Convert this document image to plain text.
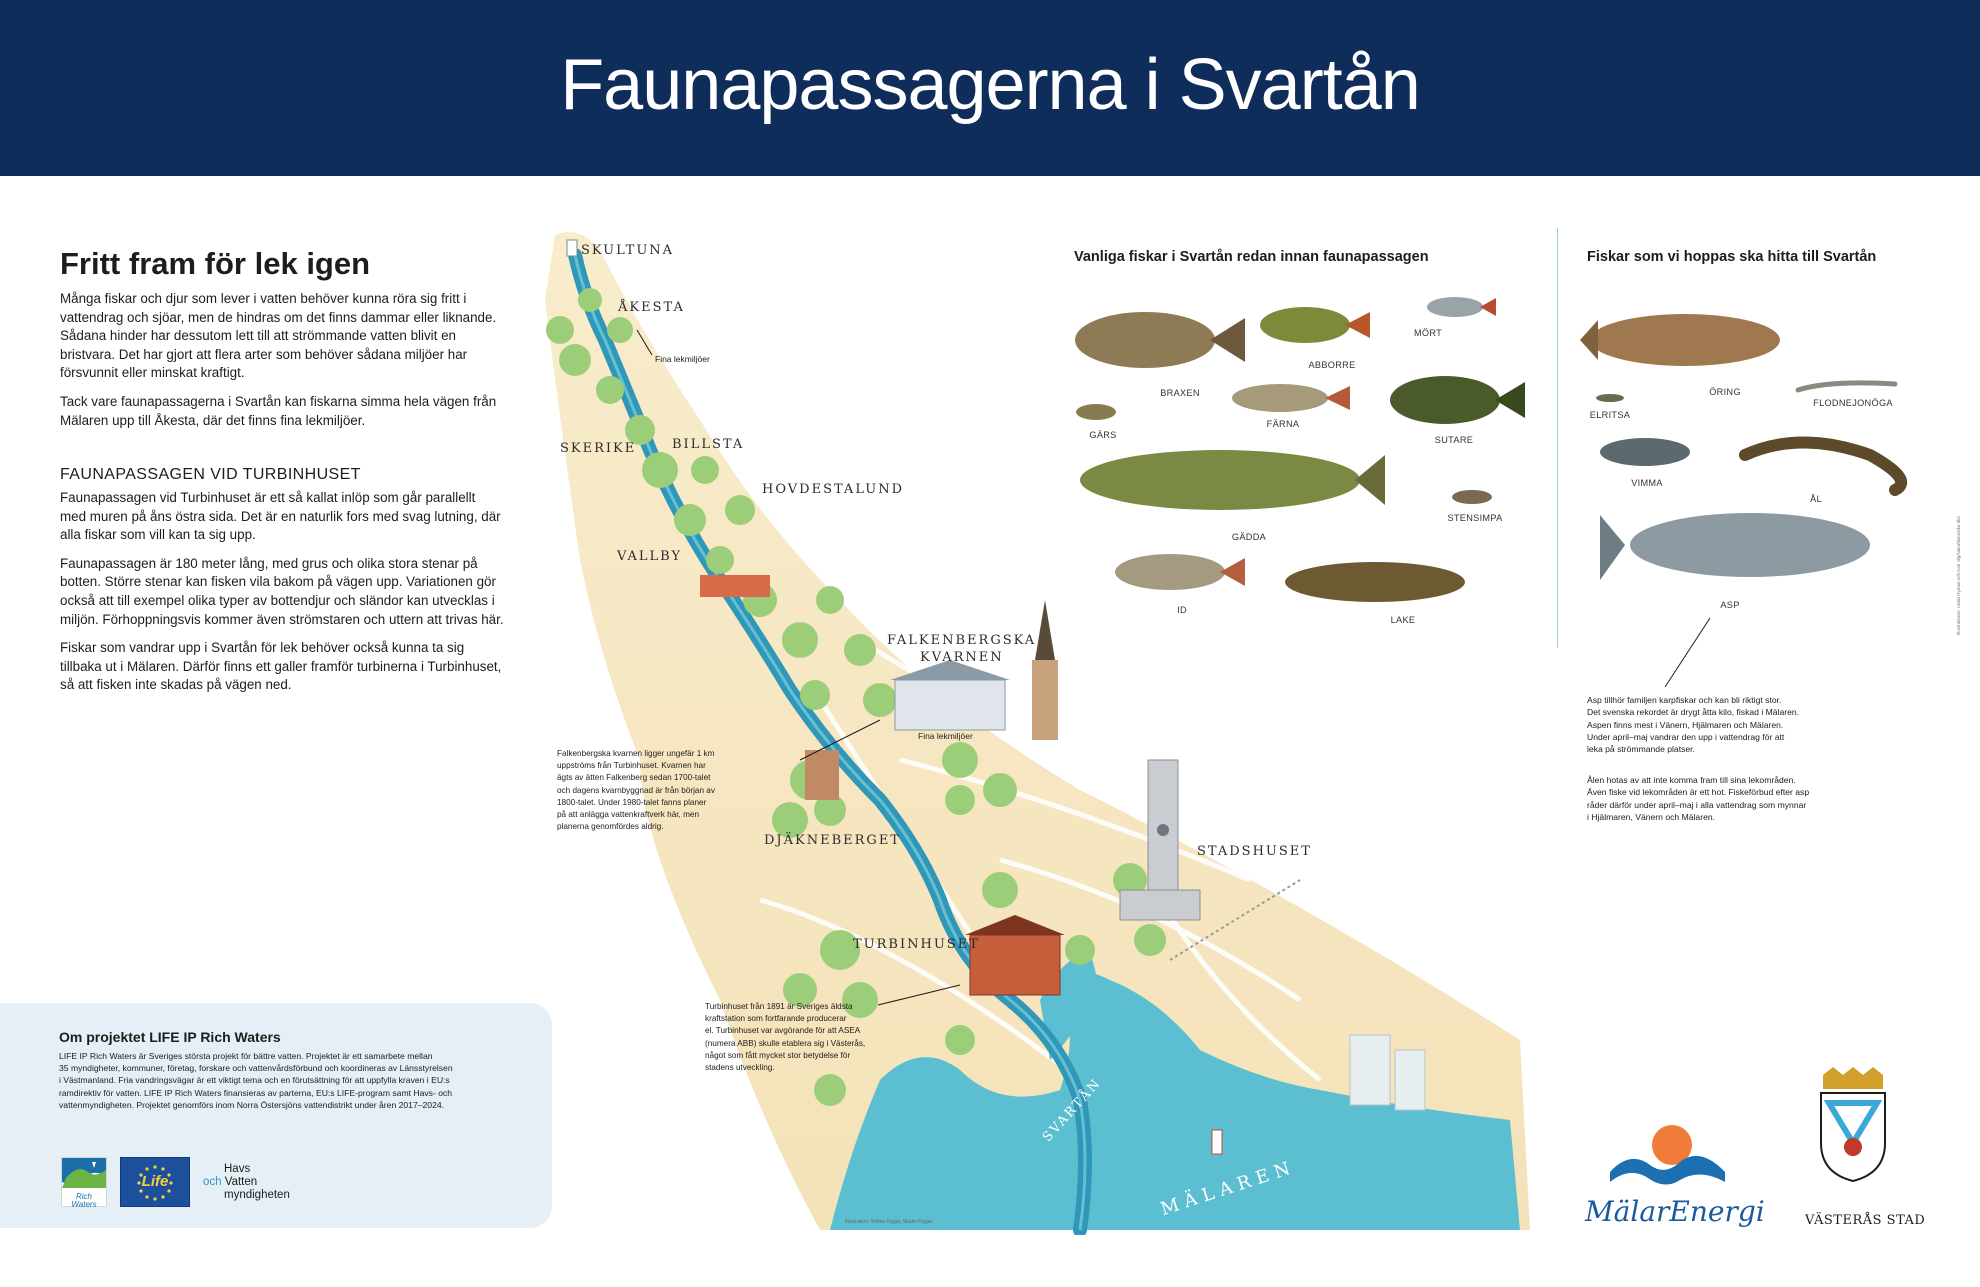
Faunapassagerna i Svartån
Fritt fram för lek igen

Många fiskar och djur som lever i vatten behöver kunna röra sig fritt i vattendrag och sjöar, men de hindras om det finns dammar eller liknande. Sådana hinder har dessutom lett till att strömmande vatten blivit en bristvara. Det har gjort att flera arter som behöver sådana miljöer har försvunnit eller minskat kraftigt.

Tack vare faunapassagerna i Svartån kan fiskarna simma hela vägen från Mälaren upp till Åkesta, där det finns fina lekmiljöer.

FAUNAPASSAGEN VID TURBINHUSET

Faunapassagen vid Turbinhuset är ett så kallat inlöp som går parallellt med muren på åns östra sida. Det är en naturlik fors med svag lutning, där alla fiskar som vill kan ta sig upp.

Faunapassagen är 180 meter lång, med grus och olika stora stenar på botten. Större stenar kan fisken vila bakom på vägen upp. Variationen gör också att till exempel olika typer av bottendjur och sländor kan utvecklas i miljön. Förhoppningsvis kommer även strömstaren och uttern att trivas här.

Fiskar som vandrar upp i Svartån för lek behöver också kunna ta sig tillbaka ut i Mälaren. Därför finns ett galler framför turbinerna i Turbinhuset, så att fisken inte skadas på vägen ned.

Om projektet LIFE IP Rich Waters
LIFE IP Rich Waters är Sveriges största projekt för bättre vatten. Projektet är ett samarbete mellan
35 myndigheter, kommuner, företag, forskare och vattenvårdsförbund och koordineras av Länsstyrelsen
i Västmanland. Fria vandringsvägar är ett viktigt tema och en förutsättning för att uppfylla kraven i EU:s
ramdirektiv för vatten. LIFE IP Rich Waters finansieras av parterna, EU:s LIFE-program samt Havs- och
vattenmyndigheten. Projektet genomförs inom Norra Östersjöns vattendistrikt under åren 2017–2024.
Rich
Waters
Life
Havs
och Vatten
myndigheten
SKULTUNA
ÅKESTA
Fina lekmiljöer
SKERIKE	BILLSTA
HOVDESTALUND
VALLBY
FALKENBERGSKA
KVARNEN
Fina lekmiljöer
DJÄKNEBERGET
STADSHUSET
TURBINHUSET
SVARTÅN
MÄLAREN
Falkenbergska kvarnen ligger ungefär 1 km
uppströms från Turbinhuset. Kvarnen har
ägts av ätten Falkenberg sedan 1700-talet
och dagens kvarnbyggnad är från början av
1800-talet. Under 1980-talet fanns planer
på att anlägga vattenkraftverk här, men
planerna genomfördes aldrig.
Turbinhuset från 1891 är Sveriges äldsta
kraftstation som fortfarande producerar
el. Turbinhuset var avgörande för att ASEA
(numera ABB) skulle etablera sig i Västerås,
något som fått mycket stor betydelse för
stadens utveckling.
Illustration: Tobias Flygar, Studio Flygar
Vanliga fiskar i Svartån redan innan faunapassagen
BRAXEN
ABBORRE
MÖRT
GÄRS
FÄRNA
SUTARE
GÄDDA
STENSIMPA
ID
LAKE
Fiskar som vi hoppas ska hitta till Svartån
ELRITSA
ÖRING
FLODNEJONÖGA
VIMMA
ÅL
ASP
Asp tillhör familjen karpfiskar och kan bli riktigt stor.
Det svenska rekordet är drygt åtta kilo, fiskad i Mälaren.
Aspen finns mest i Vänern, Hjälmaren och Mälaren.
Under april–maj vandrar den upp i vattendrag för att
leka på strömmande platser.
Ålen hotas av att inte komma fram till sina lekområden.
Även fiske vid lekområden är ett hot. Fiskeförbud efter asp
råder därför under april–maj i alla vattendrag som mynnar
i Hjälmaren, Vänern och Mälaren.
Illustrationer: Linda Nyman och Karl Jilg/Naturhistoriska riks
MälarEnergi	VÄSTERÅS STAD
